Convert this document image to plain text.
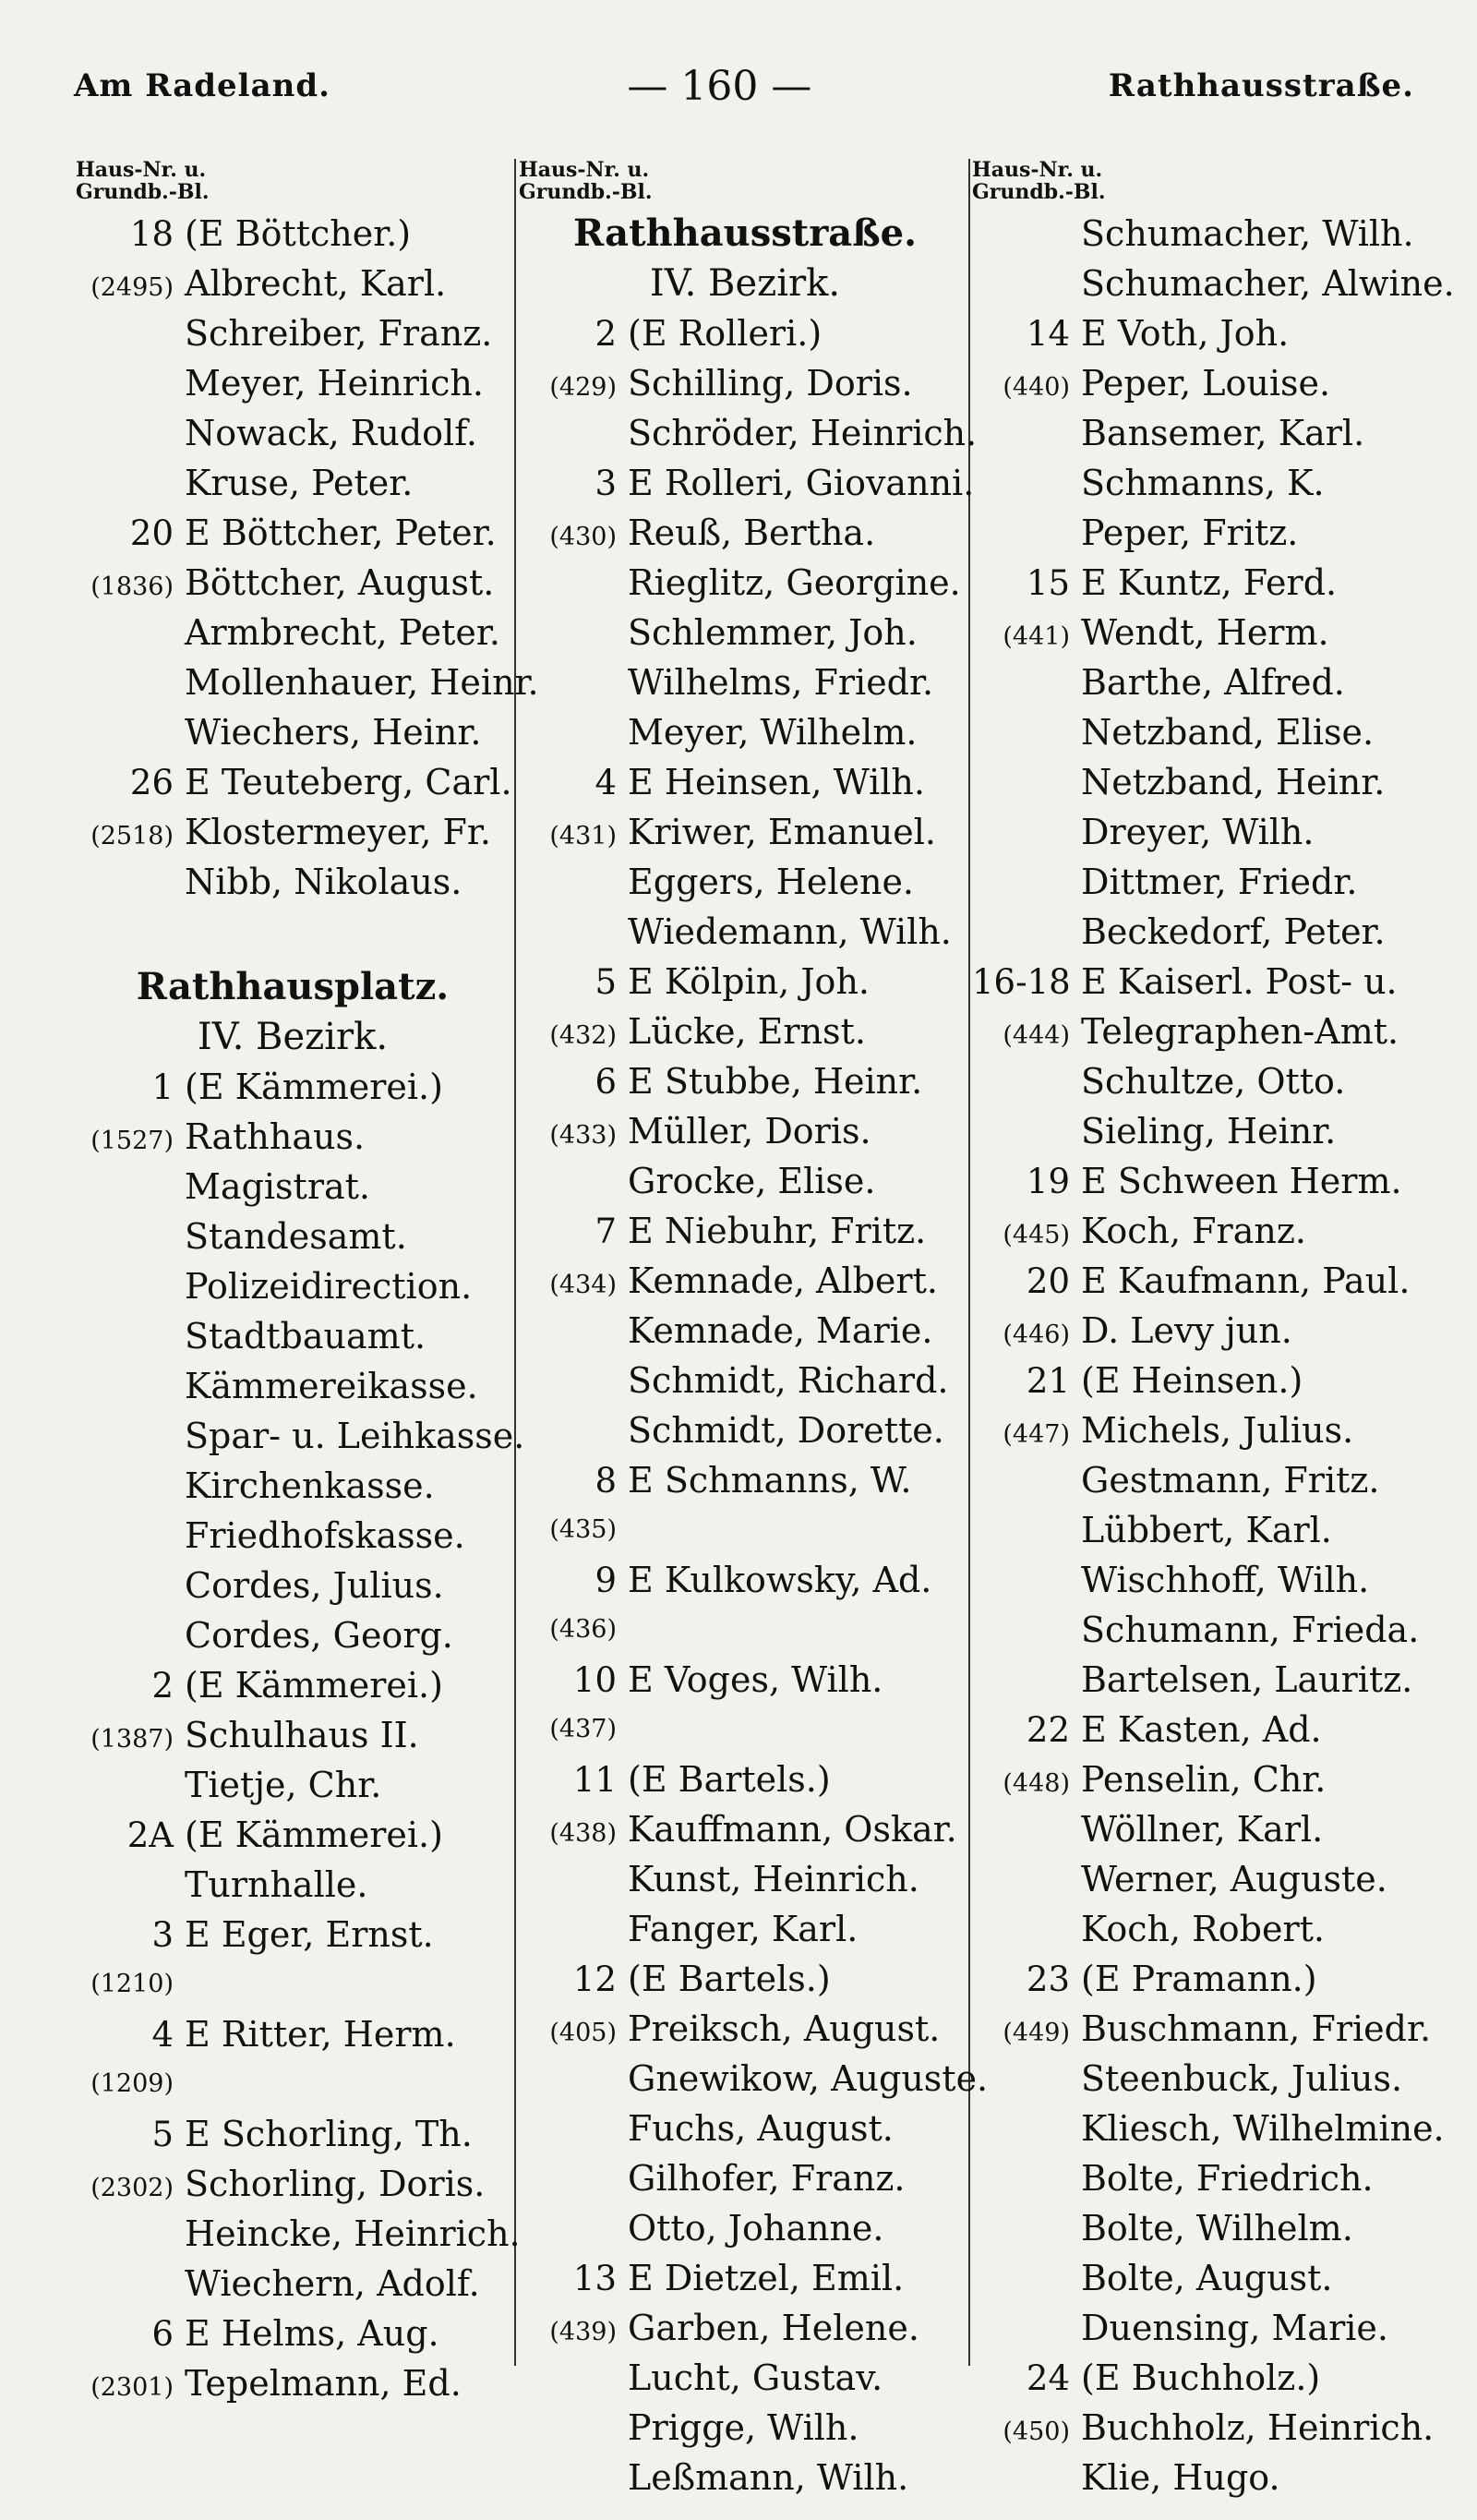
Am Radeland.	— 160 —	Rathhausstraße.
Haus-Nr. u.
Grundb.-Bl.
18 (E Böttcher.)
(2495) Albrecht, Karl.
Schreiber, Franz.
Meyer, Heinrich.
Nowack, Rudolf.
Kruse, Peter.
20 E Böttcher, Peter.
(1836) Böttcher, August.
Armbrecht, Peter.
Mollenhauer, Heinr.
Wiechers, Heinr.
26 E Teuteberg, Carl.
(2518) Klostermeyer, Fr.
Nibb, Nikolaus.
Rathhausplatz.
IV. Bezirk.
1 (E Kämmerei.)
(1527) Rathhaus.
Magistrat.
Standesamt.
Polizeidirection.
Stadtbauamt.
Kämmereikasse.
Spar- u. Leihkasse.
Kirchenkasse.
Friedhofskasse.
Cordes, Julius.
Cordes, Georg.
2 (E Kämmerei.)
(1387) Schulhaus II.
Tietje, Chr.
2A (E Kämmerei.)
Turnhalle.
3 E Eger, Ernst.
(1210)
4 E Ritter, Herm.
(1209)
5 E Schorling, Th.
(2302) Schorling, Doris.
Heincke, Heinrich.
Wiechern, Adolf.
6 E Helms, Aug.
(2301) Tepelmann, Ed.
Haus-Nr. u.
Grundb.-Bl.
Rathhausstraße.
IV. Bezirk.
2 (E Rolleri.)
(429) Schilling, Doris.
Schröder, Heinrich.
3 E Rolleri, Giovanni.
(430) Reuß, Bertha.
Rieglitz, Georgine.
Schlemmer, Joh.
Wilhelms, Friedr.
Meyer, Wilhelm.
4 E Heinsen, Wilh.
(431) Kriwer, Emanuel.
Eggers, Helene.
Wiedemann, Wilh.
5 E Kölpin, Joh.
(432) Lücke, Ernst.
6 E Stubbe, Heinr.
(433) Müller, Doris.
Grocke, Elise.
7 E Niebuhr, Fritz.
(434) Kemnade, Albert.
Kemnade, Marie.
Schmidt, Richard.
Schmidt, Dorette.
8 E Schmanns, W.
(435)
9 E Kulkowsky, Ad.
(436)
10 E Voges, Wilh.
(437)
11 (E Bartels.)
(438) Kauffmann, Oskar.
Kunst, Heinrich.
Fanger, Karl.
12 (E Bartels.)
(405) Preiksch, August.
Gnewikow, Auguste.
Fuchs, August.
Gilhofer, Franz.
Otto, Johanne.
13 E Dietzel, Emil.
(439) Garben, Helene.
Lucht, Gustav.
Prigge, Wilh.
Leßmann, Wilh.
Haus-Nr. u.
Grundb.-Bl.
Schumacher, Wilh.
Schumacher, Alwine.
14 E Voth, Joh.
(440) Peper, Louise.
Bansemer, Karl.
Schmanns, K.
Peper, Fritz.
15 E Kuntz, Ferd.
(441) Wendt, Herm.
Barthe, Alfred.
Netzband, Elise.
Netzband, Heinr.
Dreyer, Wilh.
Dittmer, Friedr.
Beckedorf, Peter.
16-18 E Kaiserl. Post- u.
(444) Telegraphen-Amt.
Schultze, Otto.
Sieling, Heinr.
19 E Schween Herm.
(445) Koch, Franz.
20 E Kaufmann, Paul.
(446) D. Levy jun.
21 (E Heinsen.)
(447) Michels, Julius.
Gestmann, Fritz.
Lübbert, Karl.
Wischhoff, Wilh.
Schumann, Frieda.
Bartelsen, Lauritz.
22 E Kasten, Ad.
(448) Penselin, Chr.
Wöllner, Karl.
Werner, Auguste.
Koch, Robert.
23 (E Pramann.)
(449) Buschmann, Friedr.
Steenbuck, Julius.
Kliesch, Wilhelmine.
Bolte, Friedrich.
Bolte, Wilhelm.
Bolte, August.
Duensing, Marie.
24 (E Buchholz.)
(450) Buchholz, Heinrich.
Klie, Hugo.
